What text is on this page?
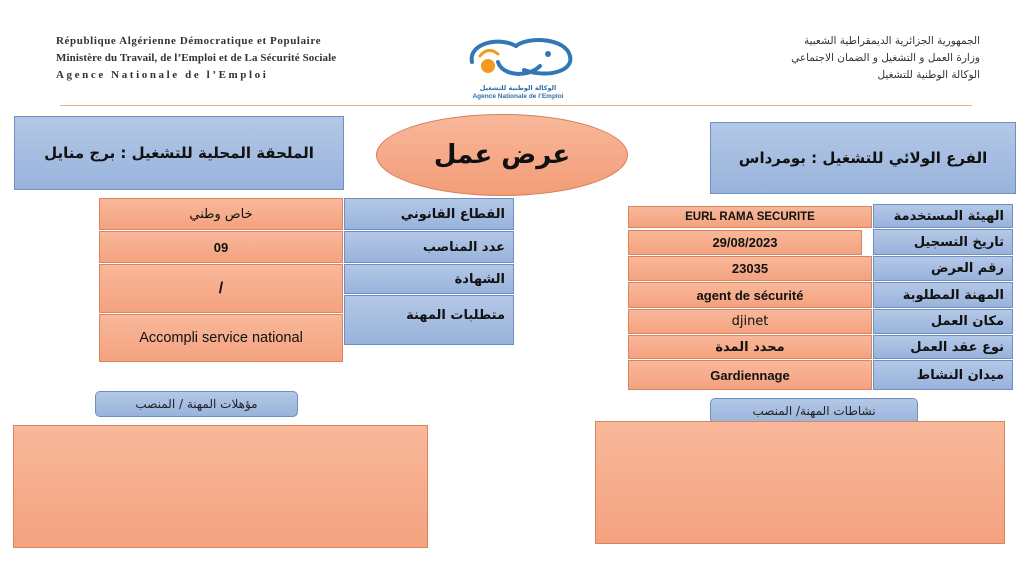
République Algérienne Démocratique et Populaire
Ministère du Travail, de l’Emploi et de La Sécurité Sociale
Agence Nationale de l’Emploi
الجمهورية الجزائرية الديمقراطية الشعبية
وزارة العمل و التشغيل و الضمان الاجتماعي
الوكالة الوطنية للتشغيل
الوكالة الوطنية للتشغيل
Agence Nationale de l’Emploi
الملحقة المحلية للتشغيل : برج منايل	الفرع الولائي للتشغيل : بومرداس
عرض عمل
الهيئة المستخدمة
EURL RAMA SECURITE
تاريخ التسجيل
29/08/2023
رقم العرض
23035
المهنة المطلوبة
agent de sécurité
مكان العمل
djinet
نوع عقد العمل
محدد المدة
ميدان النشاط
Gardiennage
القطاع القانوني
خاص وطني
عدد المناصب
09
الشهادة
/
متطلبات المهنة
Accompli service national
مؤهلات المهنة / المنصب	نشاطات المهنة/ المنصب
